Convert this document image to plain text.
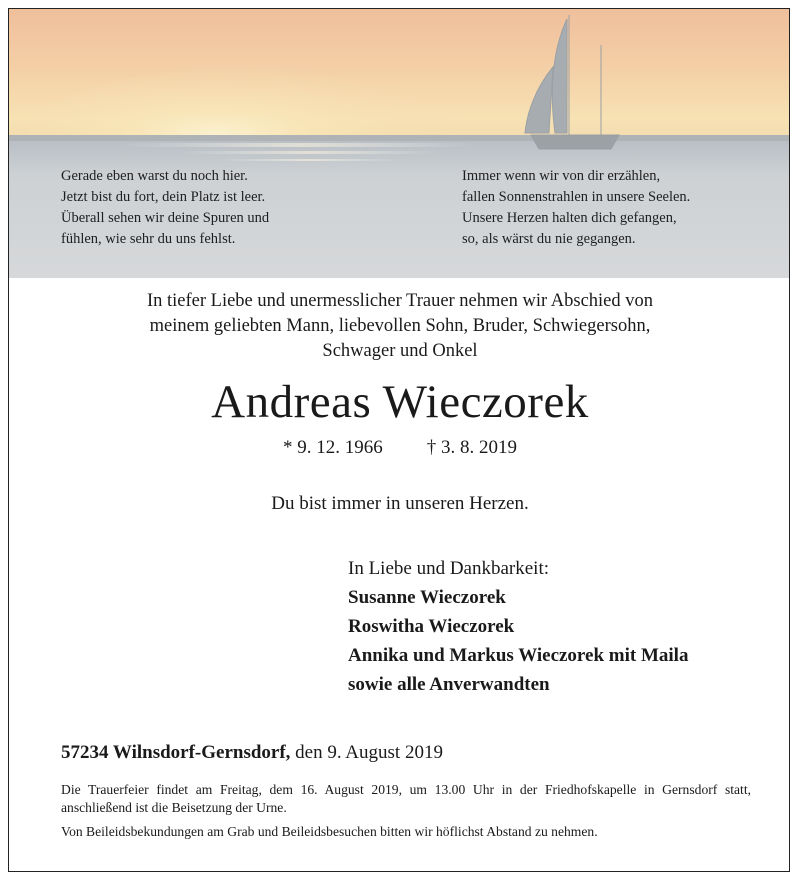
Gerade eben warst du noch hier.
Jetzt bist du fort, dein Platz ist leer.
Überall sehen wir deine Spuren und
fühlen, wie sehr du uns fehlst.
Immer wenn wir von dir erzählen,
fallen Sonnenstrahlen in unsere Seelen.
Unsere Herzen halten dich gefangen,
so, als wärst du nie gegangen.
In tiefer Liebe und unermesslicher Trauer nehmen wir Abschied von
meinem geliebten Mann, liebevollen Sohn, Bruder, Schwiegersohn,
Schwager und Onkel
Andreas Wieczorek
* 9. 12. 1966 † 3. 8. 2019
Du bist immer in unseren Herzen.
In Liebe und Dankbarkeit:
Susanne Wieczorek
Roswitha Wieczorek
Annika und Markus Wieczorek mit Maila
sowie alle Anverwandten
57234 Wilnsdorf-Gernsdorf, den 9. August 2019
Die Trauerfeier findet am Freitag, dem 16. August 2019, um 13.00 Uhr in der Friedhofskapelle in Gernsdorf statt, anschließend ist die Beisetzung der Urne.
Von Beileidsbekundungen am Grab und Beileidsbesuchen bitten wir höflichst Abstand zu nehmen.
